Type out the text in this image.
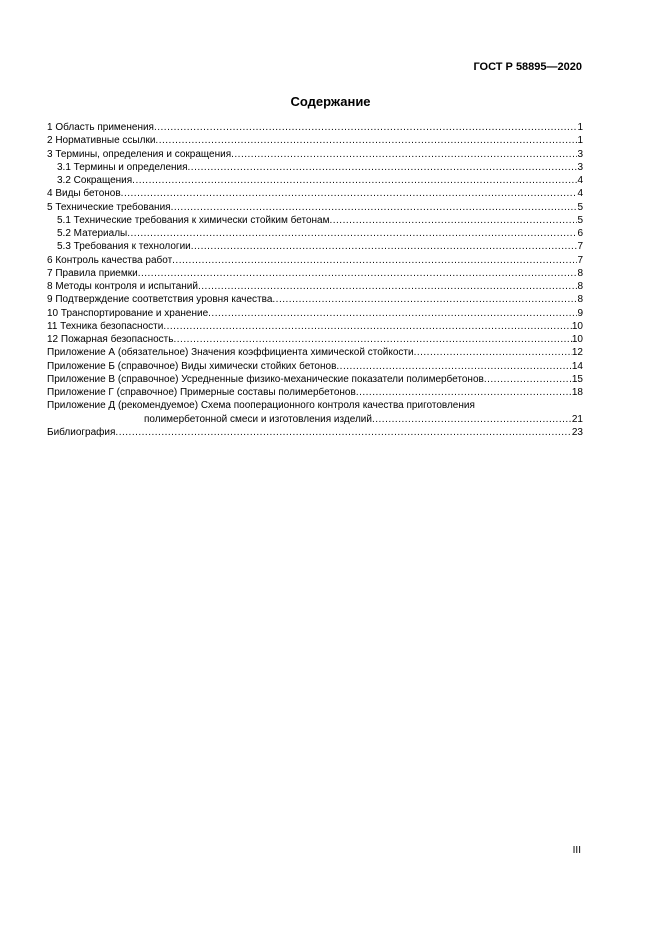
ГОСТ Р 58895—2020
Содержание
1 Область применения .....	1
2 Нормативные ссылки .....	1
3 Термины, определения и сокращения .....	3
3.1 Термины и определения .....	3
3.2 Сокращения .....	4
4 Виды бетонов .....	4
5 Технические требования .....	5
5.1 Технические требования к химически стойким бетонам .....	5
5.2 Материалы .....	6
5.3 Требования к технологии .....	7
6 Контроль качества работ .....	7
7 Правила приемки .....	8
8 Методы контроля и испытаний .....	8
9 Подтверждение соответствия уровня качества .....	8
10 Транспортирование и хранение .....	9
11 Техника безопасности .....	10
12 Пожарная безопасность .....	10
Приложение А (обязательное) Значения коэффициента химической стойкости .....	12
Приложение Б (справочное) Виды химически стойких бетонов .....	14
Приложение В (справочное) Усредненные физико-механические показатели полимербетонов .....	15
Приложение Г (справочное) Примерные составы полимербетонов .....	18
Приложение Д (рекомендуемое) Схема пооперационного контроля качества приготовления
полимербетонной смеси и изготовления изделий .....	21
Библиография .....	23
III
